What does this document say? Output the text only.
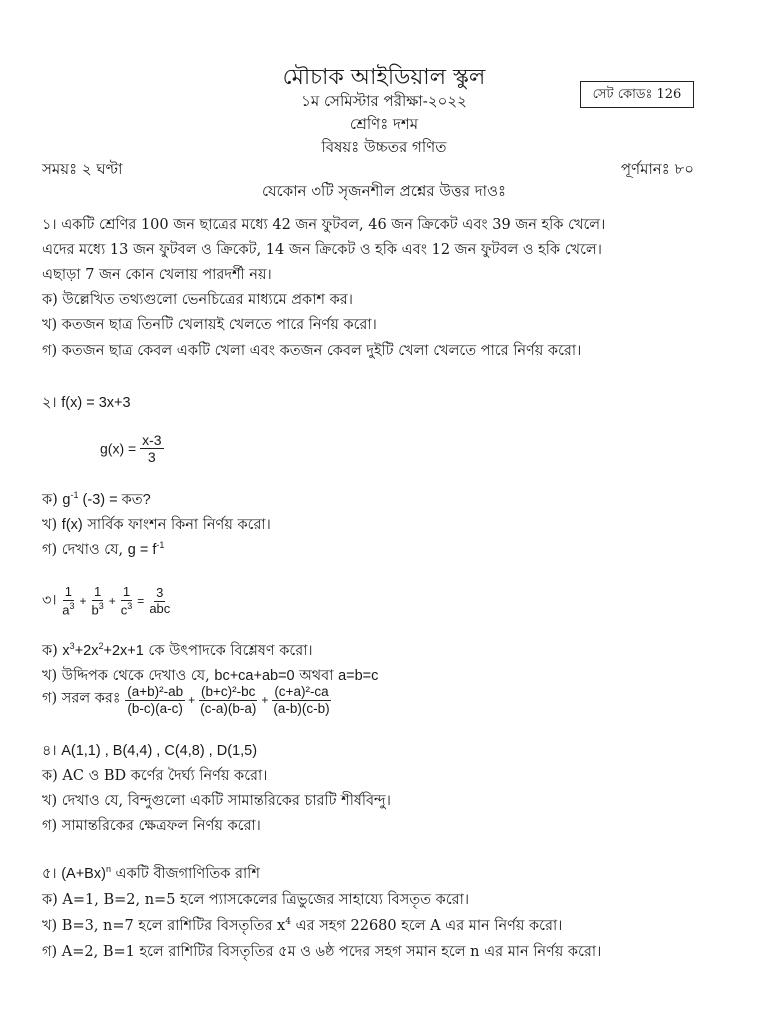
মৌচাক আইডিয়াল স্কুল
১ম সেমিস্টার পরীক্ষা-২০২২	সেট কোডঃ 126
শ্রেণিঃ দশম
বিষয়ঃ উচ্চতর গণিত
সময়ঃ ২ ঘণ্টা	পূর্ণমানঃ ৮০
যেকোন ৩টি সৃজনশীল প্রশ্নের উত্তর দাওঃ
১। একটি শ্রেণির 100 জন ছাত্রের মধ্যে 42 জন ফুটবল, 46 জন ক্রিকেট এবং 39 জন হকি খেলে।
এদের মধ্যে 13 জন ফুটবল ও ক্রিকেট, 14 জন ক্রিকেট ও হকি এবং 12 জন ফুটবল ও হকি খেলে।
এছাড়া 7 জন কোন খেলায় পারদর্শী নয়।
ক) উল্লেখিত তথ্যগুলো ভেনচিত্রের মাধ্যমে প্রকাশ কর।
খ) কতজন ছাত্র তিনটি খেলায়ই খেলতে পারে নির্ণয় করো।
গ) কতজন ছাত্র কেবল একটি খেলা এবং কতজন কেবল দুইটি খেলা খেলতে পারে নির্ণয় করো।
২। f(x) = 3x+3
$g(x) = \frac{x-3}{3}$
ক) $g^{-1}$ (-3) = কত?
খ) f(x) সার্বিক ফাংশন কিনা নির্ণয় করো।
গ) দেখাও যে, $g = f^{-1}$
৩। $\frac{1}{a^3} + \frac{1}{b^3} + \frac{1}{c^3} = \frac{3}{\text{abc}}$
ক) $x^3+2x^2+2x+1$ কে উৎপাদকে বিশ্লেষণ করো।
খ) উদ্দিপক থেকে দেখাও যে, bc+ca+ab=0 অথবা a=b=c
গ) সরল করঃ $\frac{\text{(a+b)²-ab}}{(b-c)(a-c)} + \frac{\text{(b+c)²-bc}}{(c-a)(b-a)} + \frac{\text{(c+a)²-ca}}{(a-b)(c-b)}$
৪। A(1,1) , B(4,4) , C(4,8) , D(1,5)
ক) AC ও BD কর্ণের দৈর্ঘ্য নির্ণয় করো।
খ) দেখাও যে, বিন্দুগুলো একটি সামান্তরিকের চারটি শীর্ষবিন্দু।
গ) সামান্তরিকের ক্ষেত্রফল নির্ণয় করো।
৫। $(A+Bx)^n$ একটি বীজগাণিতিক রাশি
ক) A=1, B=2, n=5 হলে প্যাসকেলের ত্রিভুজের সাহায্যে বিসতৃত করো।
খ) B=3, n=7 হলে রাশিটির বিসতৃতির $x^4$ এর সহগ 22680 হলে A এর মান নির্ণয় করো।
গ) A=2, B=1 হলে রাশিটির বিসতৃতির ৫ম ও ৬ষ্ঠ পদের সহগ সমান হলে n এর মান নির্ণয় করো।
